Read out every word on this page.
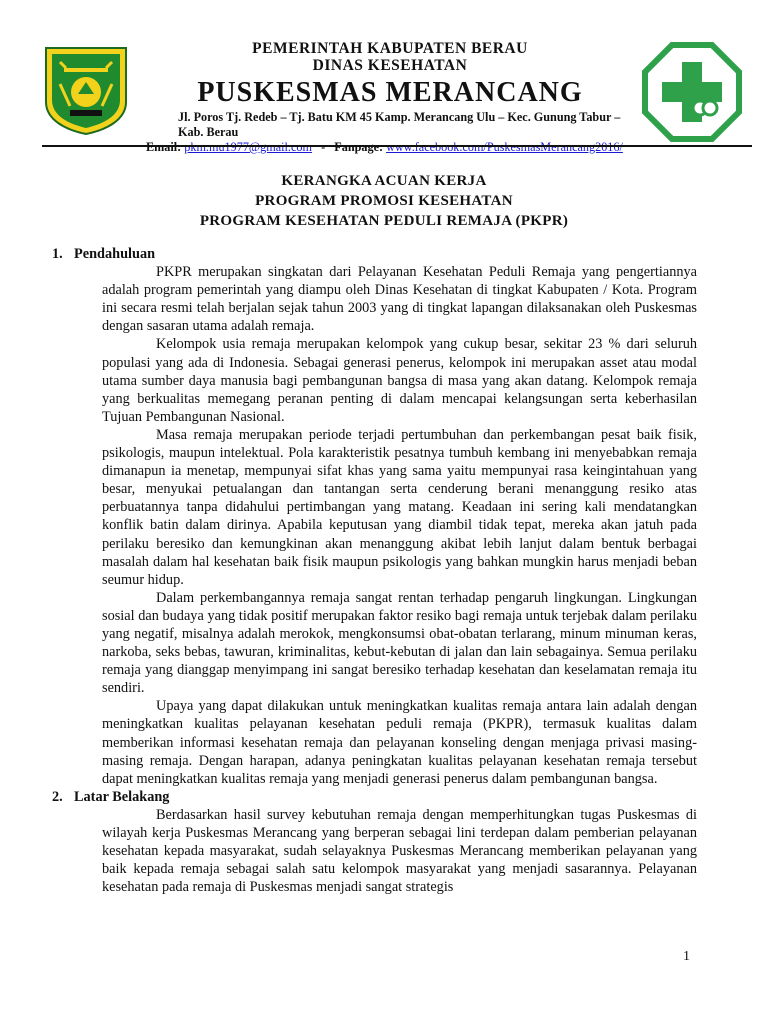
PEMERINTAH KABUPATEN BERAU
DINAS KESEHATAN
PUSKESMAS MERANCANG
Jl. Poros Tj. Redeb – Tj. Batu KM 45 Kamp. Merancang Ulu – Kec. Gunung Tabur – Kab. Berau
Email: pkm.mu1977@gmail.com - Fanpage: www.facebook.com/PuskesmasMerancang2016/
KERANGKA ACUAN KERJA
PROGRAM PROMOSI KESEHATAN
PROGRAM KESEHATAN PEDULI REMAJA (PKPR)
1. Pendahuluan
PKPR merupakan singkatan dari Pelayanan Kesehatan Peduli Remaja yang pengertiannya adalah program pemerintah yang diampu oleh Dinas Kesehatan di tingkat Kabupaten / Kota. Program ini secara resmi telah berjalan sejak tahun 2003 yang di tingkat lapangan dilaksanakan oleh Puskesmas dengan sasaran utama adalah remaja.
Kelompok usia remaja merupakan kelompok yang cukup besar, sekitar 23 % dari seluruh populasi yang ada di Indonesia. Sebagai generasi penerus, kelompok ini merupakan asset atau modal utama sumber daya manusia bagi pembangunan bangsa di masa yang akan datang. Kelompok remaja yang berkualitas memegang peranan penting di dalam mencapai kelangsungan serta keberhasilan Tujuan Pembangunan Nasional.
Masa remaja merupakan periode terjadi pertumbuhan dan perkembangan pesat baik fisik, psikologis, maupun intelektual. Pola karakteristik pesatnya tumbuh kembang ini menyebabkan remaja dimanapun ia menetap, mempunyai sifat khas yang sama yaitu mempunyai rasa keingintahuan yang besar, menyukai petualangan dan tantangan serta cenderung berani menanggung resiko atas perbuatannya tanpa didahului pertimbangan yang matang. Keadaan ini sering kali mendatangkan konflik batin dalam dirinya. Apabila keputusan yang diambil tidak tepat, mereka akan jatuh pada perilaku beresiko dan kemungkinan akan menanggung akibat lebih lanjut dalam bentuk berbagai masalah dalam hal kesehatan baik fisik maupun psikologis yang bahkan mungkin harus menjadi beban seumur hidup.
Dalam perkembangannya remaja sangat rentan terhadap pengaruh lingkungan. Lingkungan sosial dan budaya yang tidak positif merupakan faktor resiko bagi remaja untuk terjebak dalam perilaku yang negatif, misalnya adalah merokok, mengkonsumsi obat-obatan terlarang, minum minuman keras, narkoba, seks bebas, tawuran, kriminalitas, kebut-kebutan di jalan dan lain sebagainya. Semua perilaku remaja yang dianggap menyimpang ini sangat beresiko terhadap kesehatan dan keselamatan remaja itu sendiri.
Upaya yang dapat dilakukan untuk meningkatkan kualitas remaja antara lain adalah dengan meningkatkan kualitas pelayanan kesehatan peduli remaja (PKPR), termasuk kualitas dalam memberikan informasi kesehatan remaja dan pelayanan konseling dengan menjaga privasi masing-masing remaja. Dengan harapan, adanya peningkatan kualitas pelayanan kesehatan remaja tersebut dapat meningkatkan kualitas remaja yang menjadi generasi penerus dalam pembangunan bangsa.
2. Latar Belakang
Berdasarkan hasil survey kebutuhan remaja dengan memperhitungkan tugas Puskesmas di wilayah kerja Puskesmas Merancang yang berperan sebagai lini terdepan dalam pemberian pelayanan kesehatan kepada masyarakat, sudah selayaknya Puskesmas Merancang memberikan pelayanan yang baik kepada remaja sebagai salah satu kelompok masyarakat yang menjadi sasarannya. Pelayanan kesehatan pada remaja di Puskesmas menjadi sangat strategis
1
